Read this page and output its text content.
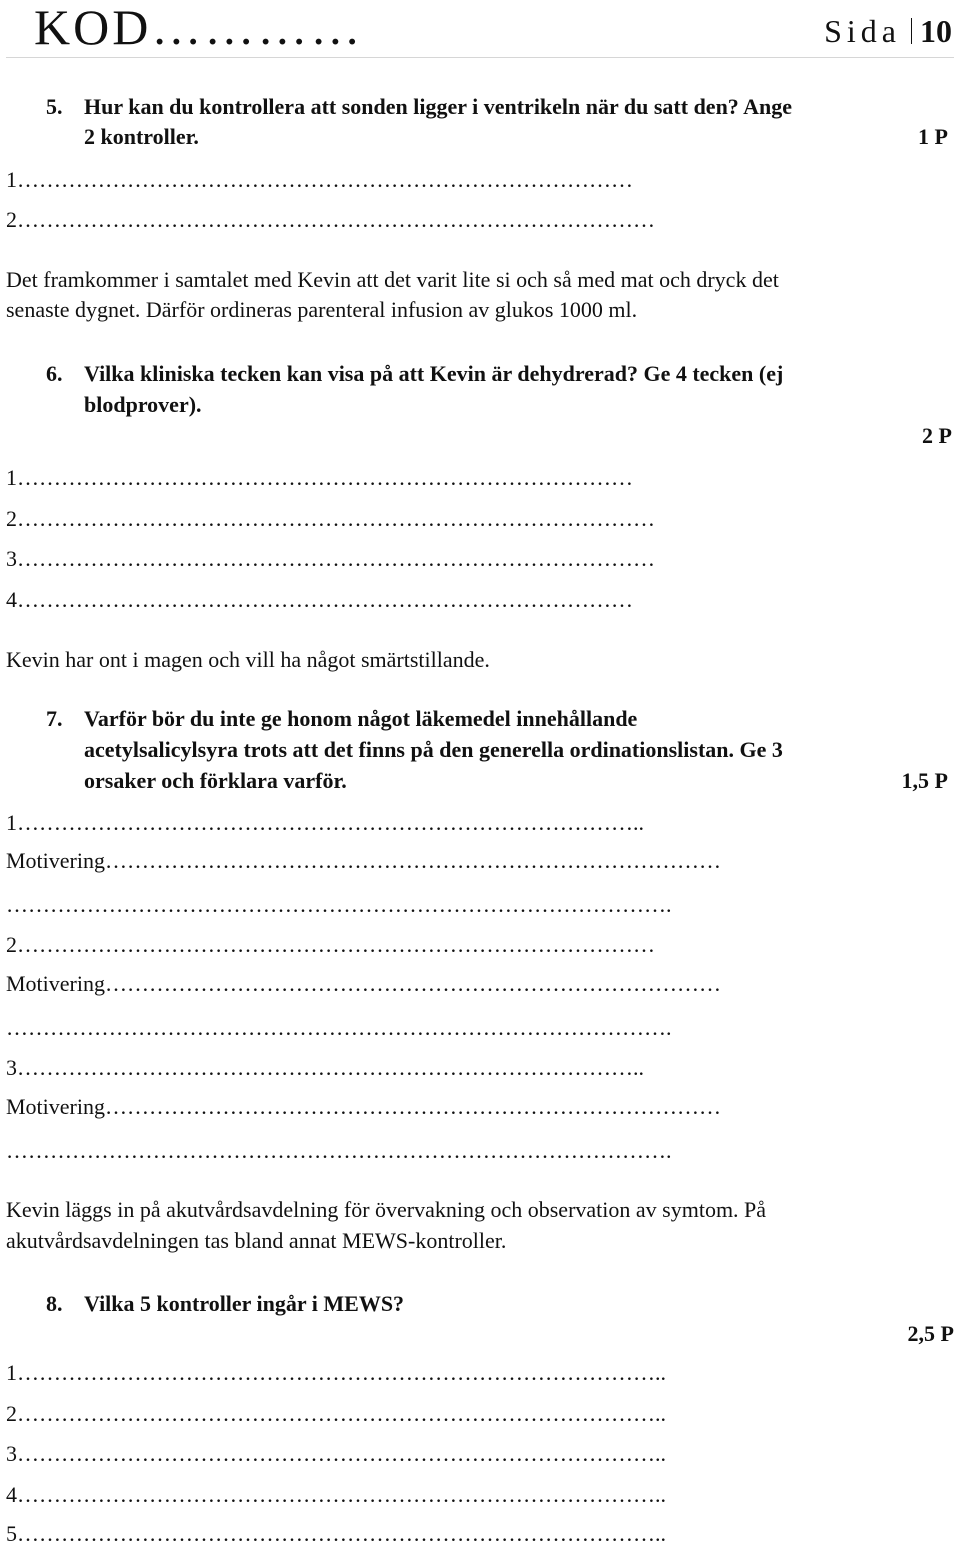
KOD…………	Sida 10
5. Hur kan du kontrollera att sonden ligger i ventrikeln när du satt den? Ange
2 kontroller.	1 P
1…………………………………………………………………………
2……………………………………………………………………………
Det framkommer i samtalet med Kevin att det varit lite si och så med mat och dryck det
senaste dygnet. Därför ordineras parenteral infusion av glukos 1000 ml.
6. Vilka kliniska tecken kan visa på att Kevin är dehydrerad? Ge 4 tecken (ej
blodprover).
2 P
1…………………………………………………………………………
2……………………………………………………………………………
3……………………………………………………………………………
4…………………………………………………………………………
Kevin har ont i magen och vill ha något smärtstillande.
7. Varför bör du inte ge honom något läkemedel innehållande
acetylsalicylsyra trots att det finns på den generella ordinationslistan. Ge 3
orsaker och förklara varför.	1,5 P
1…………………………………………………………………………..
Motivering…………………………………………………………………………
……………………………………………………………………………….
2……………………………………………………………………………
Motivering…………………………………………………………………………
……………………………………………………………………………….
3…………………………………………………………………………..
Motivering…………………………………………………………………………
……………………………………………………………………………….
Kevin läggs in på akutvårdsavdelning för övervakning och observation av symtom. På
akutvårdsavdelningen tas bland annat MEWS-kontroller.
8. Vilka 5 kontroller ingår i MEWS?
2,5 P
1……………………………………………………………………………..
2……………………………………………………………………………..
3……………………………………………………………………………..
4……………………………………………………………………………..
5……………………………………………………………………………..
